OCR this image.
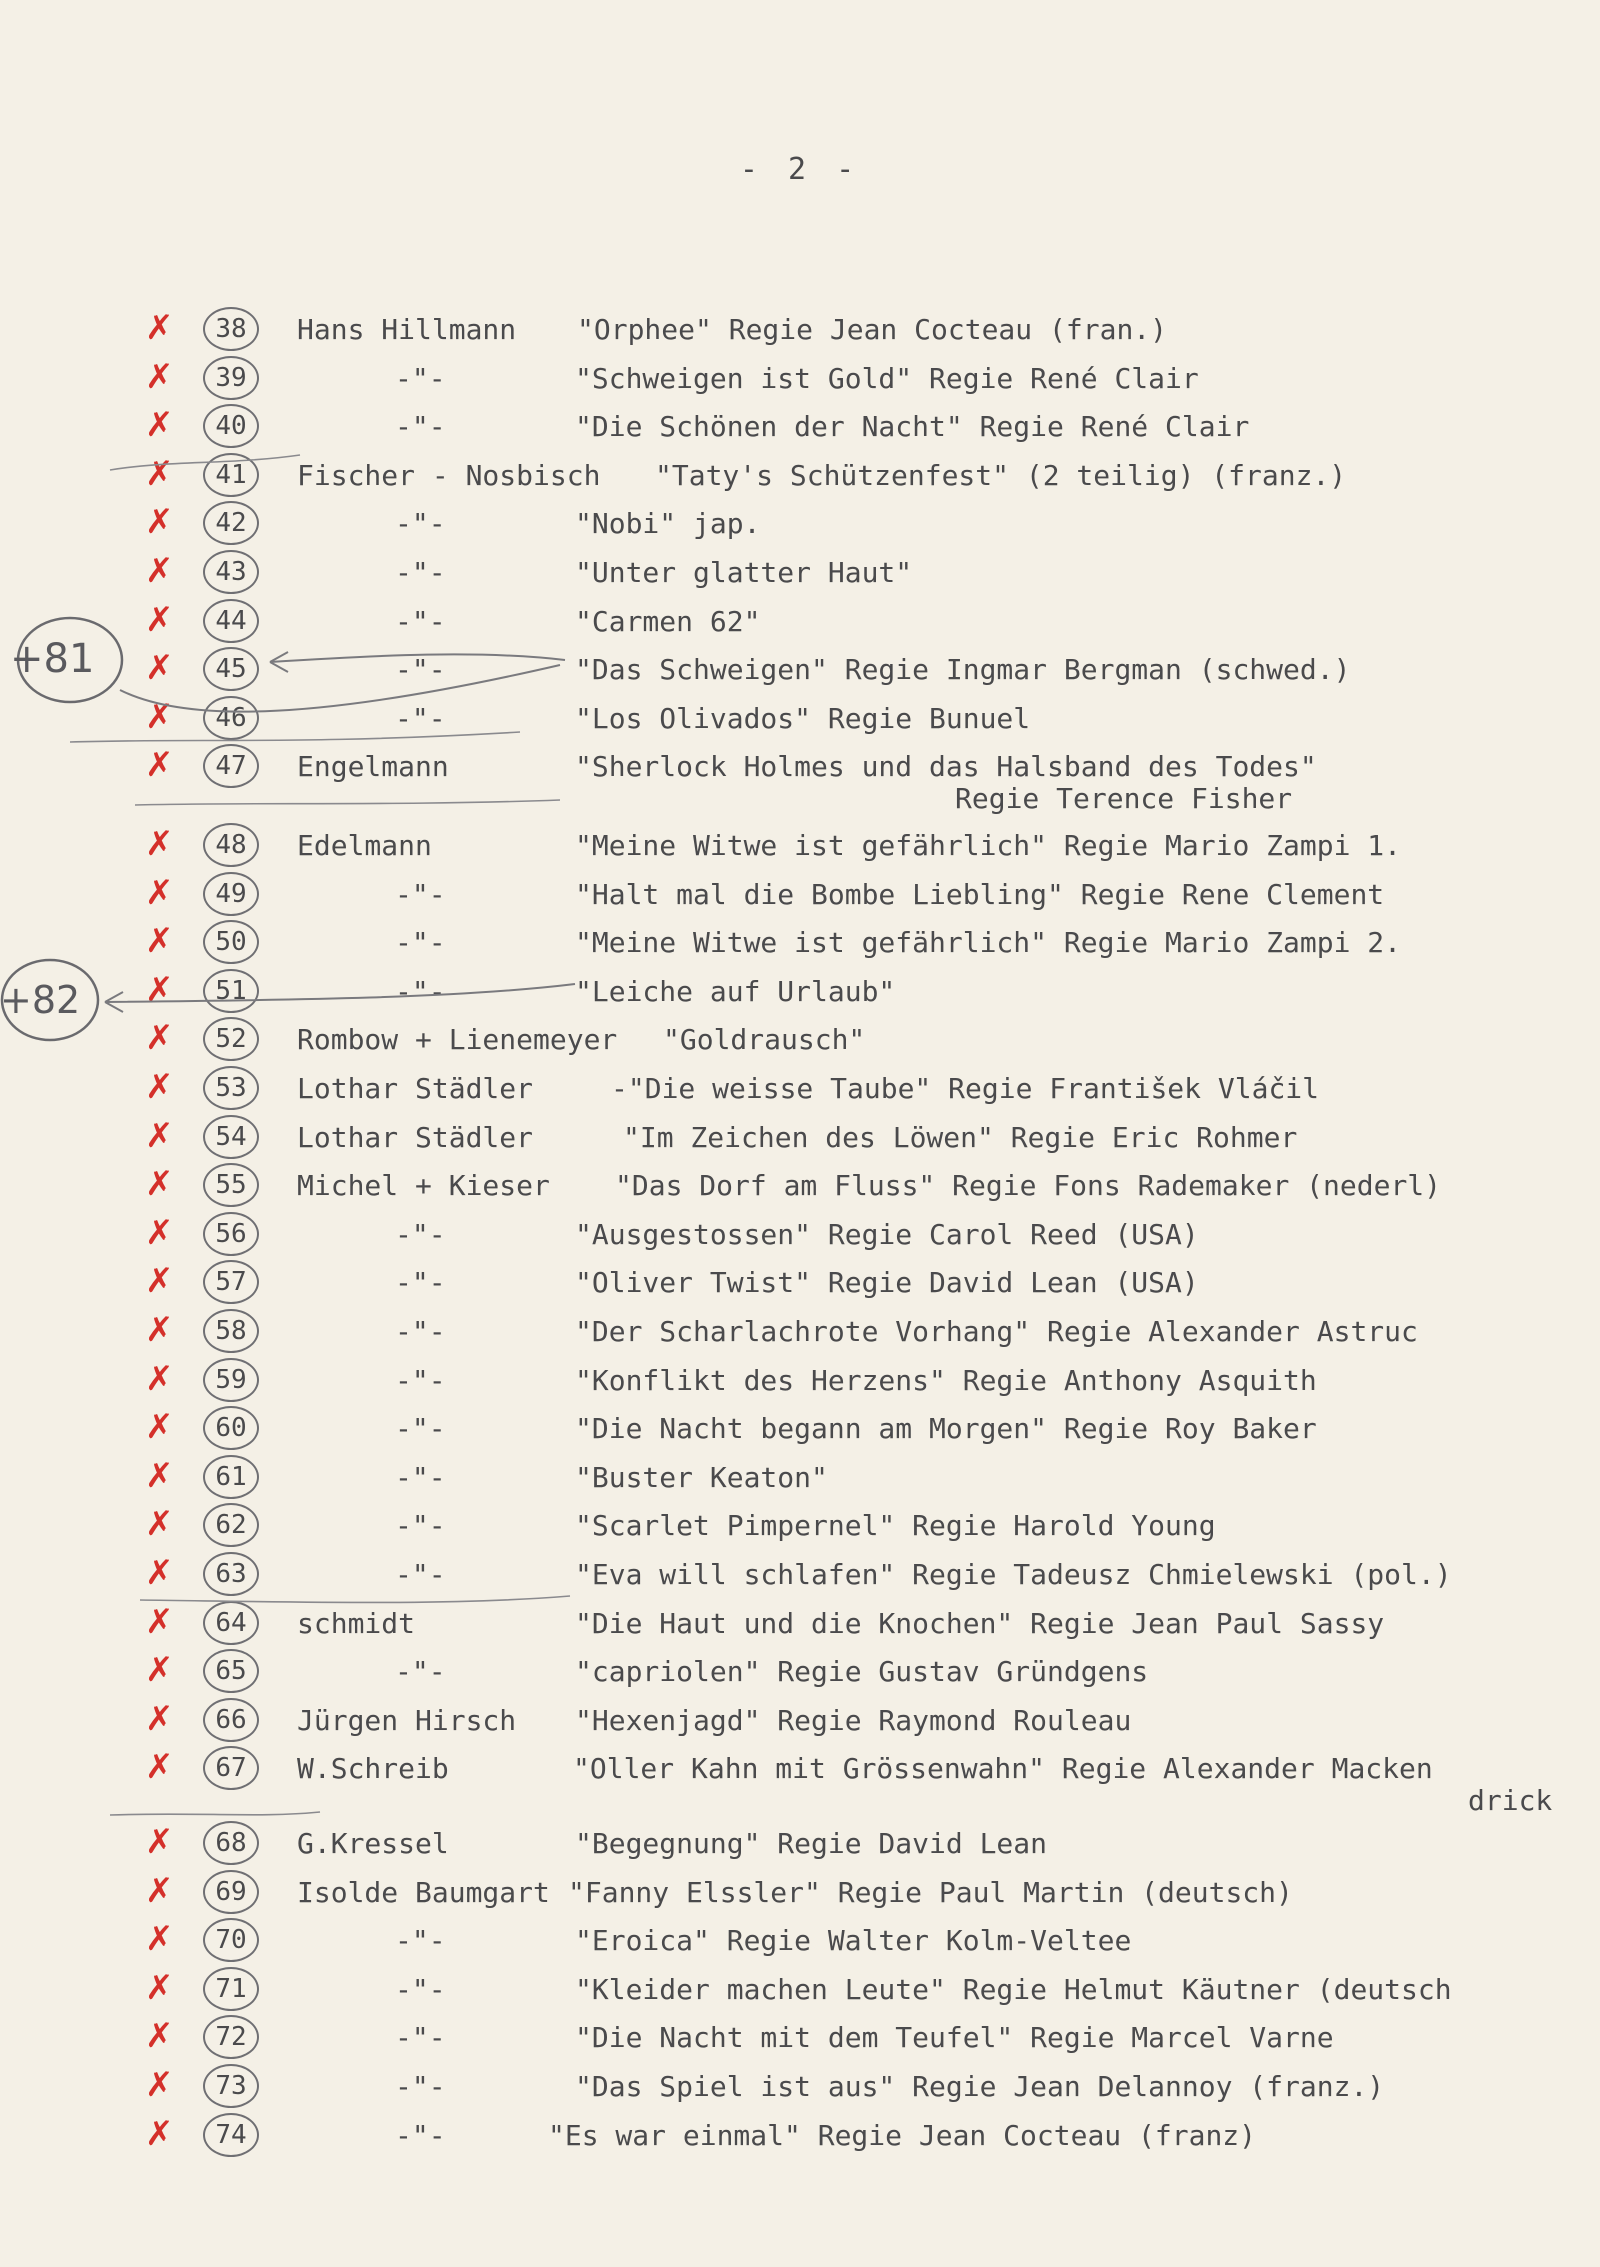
- 2 -
✗	38	Hans Hillmann "Orphee" Regie Jean Cocteau (fran.)
✗	39	-"-	"Schweigen ist Gold" Regie René Clair
✗	40	-"-	"Die Schönen der Nacht" Regie René Clair
✗	41	Fischer - Nosbisch "Taty's Schützenfest" (2 teilig) (franz.)
✗	42	-"-	"Nobi" jap.
✗	43	-"-	"Unter glatter Haut"
✗	44	-"-	"Carmen 62"
✗	45	-"-	"Das Schweigen" Regie Ingmar Bergman (schwed.)
✗	46	-"-	"Los Olivados" Regie Bunuel
✗	47	Engelmann	"Sherlock Holmes und das Halsband des Todes"
Regie Terence Fisher
✗	48	Edelmann	"Meine Witwe ist gefährlich" Regie Mario Zampi 1.
✗	49	-"-	"Halt mal die Bombe Liebling" Regie Rene Clement
✗	50	-"-	"Meine Witwe ist gefährlich" Regie Mario Zampi 2.
✗	51	-"-	"Leiche auf Urlaub"
✗	52	Rombow + Lienemeyer "Goldrausch"
✗	53	Lothar Städler	-"Die weisse Taube" Regie František Vláčil
✗	54	Lothar Städler	"Im Zeichen des Löwen" Regie Eric Rohmer
✗	55	Michel + Kieser "Das Dorf am Fluss" Regie Fons Rademaker (nederl)
✗	56	-"-	"Ausgestossen" Regie Carol Reed (USA)
✗	57	-"-	"Oliver Twist" Regie David Lean (USA)
✗	58	-"-	"Der Scharlachrote Vorhang" Regie Alexander Astruc
✗	59	-"-	"Konflikt des Herzens" Regie Anthony Asquith
✗	60	-"-	"Die Nacht begann am Morgen" Regie Roy Baker
✗	61	-"-	"Buster Keaton"
✗	62	-"-	"Scarlet Pimpernel" Regie Harold Young
✗	63	-"-	"Eva will schlafen" Regie Tadeusz Chmielewski (pol.)
✗	64	schmidt	"Die Haut und die Knochen" Regie Jean Paul Sassy
✗	65	-"-	"capriolen" Regie Gustav Gründgens
✗	66	Jürgen Hirsch "Hexenjagd" Regie Raymond Rouleau
✗	67	W.Schreib	"Oller Kahn mit Grössenwahn" Regie Alexander Macken
drick
✗	68	G.Kressel	"Begegnung" Regie David Lean
✗	69	Isolde Baumgart "Fanny Elssler" Regie Paul Martin (deutsch)
✗	70	-"-	"Eroica" Regie Walter Kolm-Veltee
✗	71	-"-	"Kleider machen Leute" Regie Helmut Käutner (deutsch
✗	72	-"-	"Die Nacht mit dem Teufel" Regie Marcel Varne
✗	73	-"-	"Das Spiel ist aus" Regie Jean Delannoy (franz.)
✗	74	-"-	"Es war einmal" Regie Jean Cocteau (franz)
+81
+82
